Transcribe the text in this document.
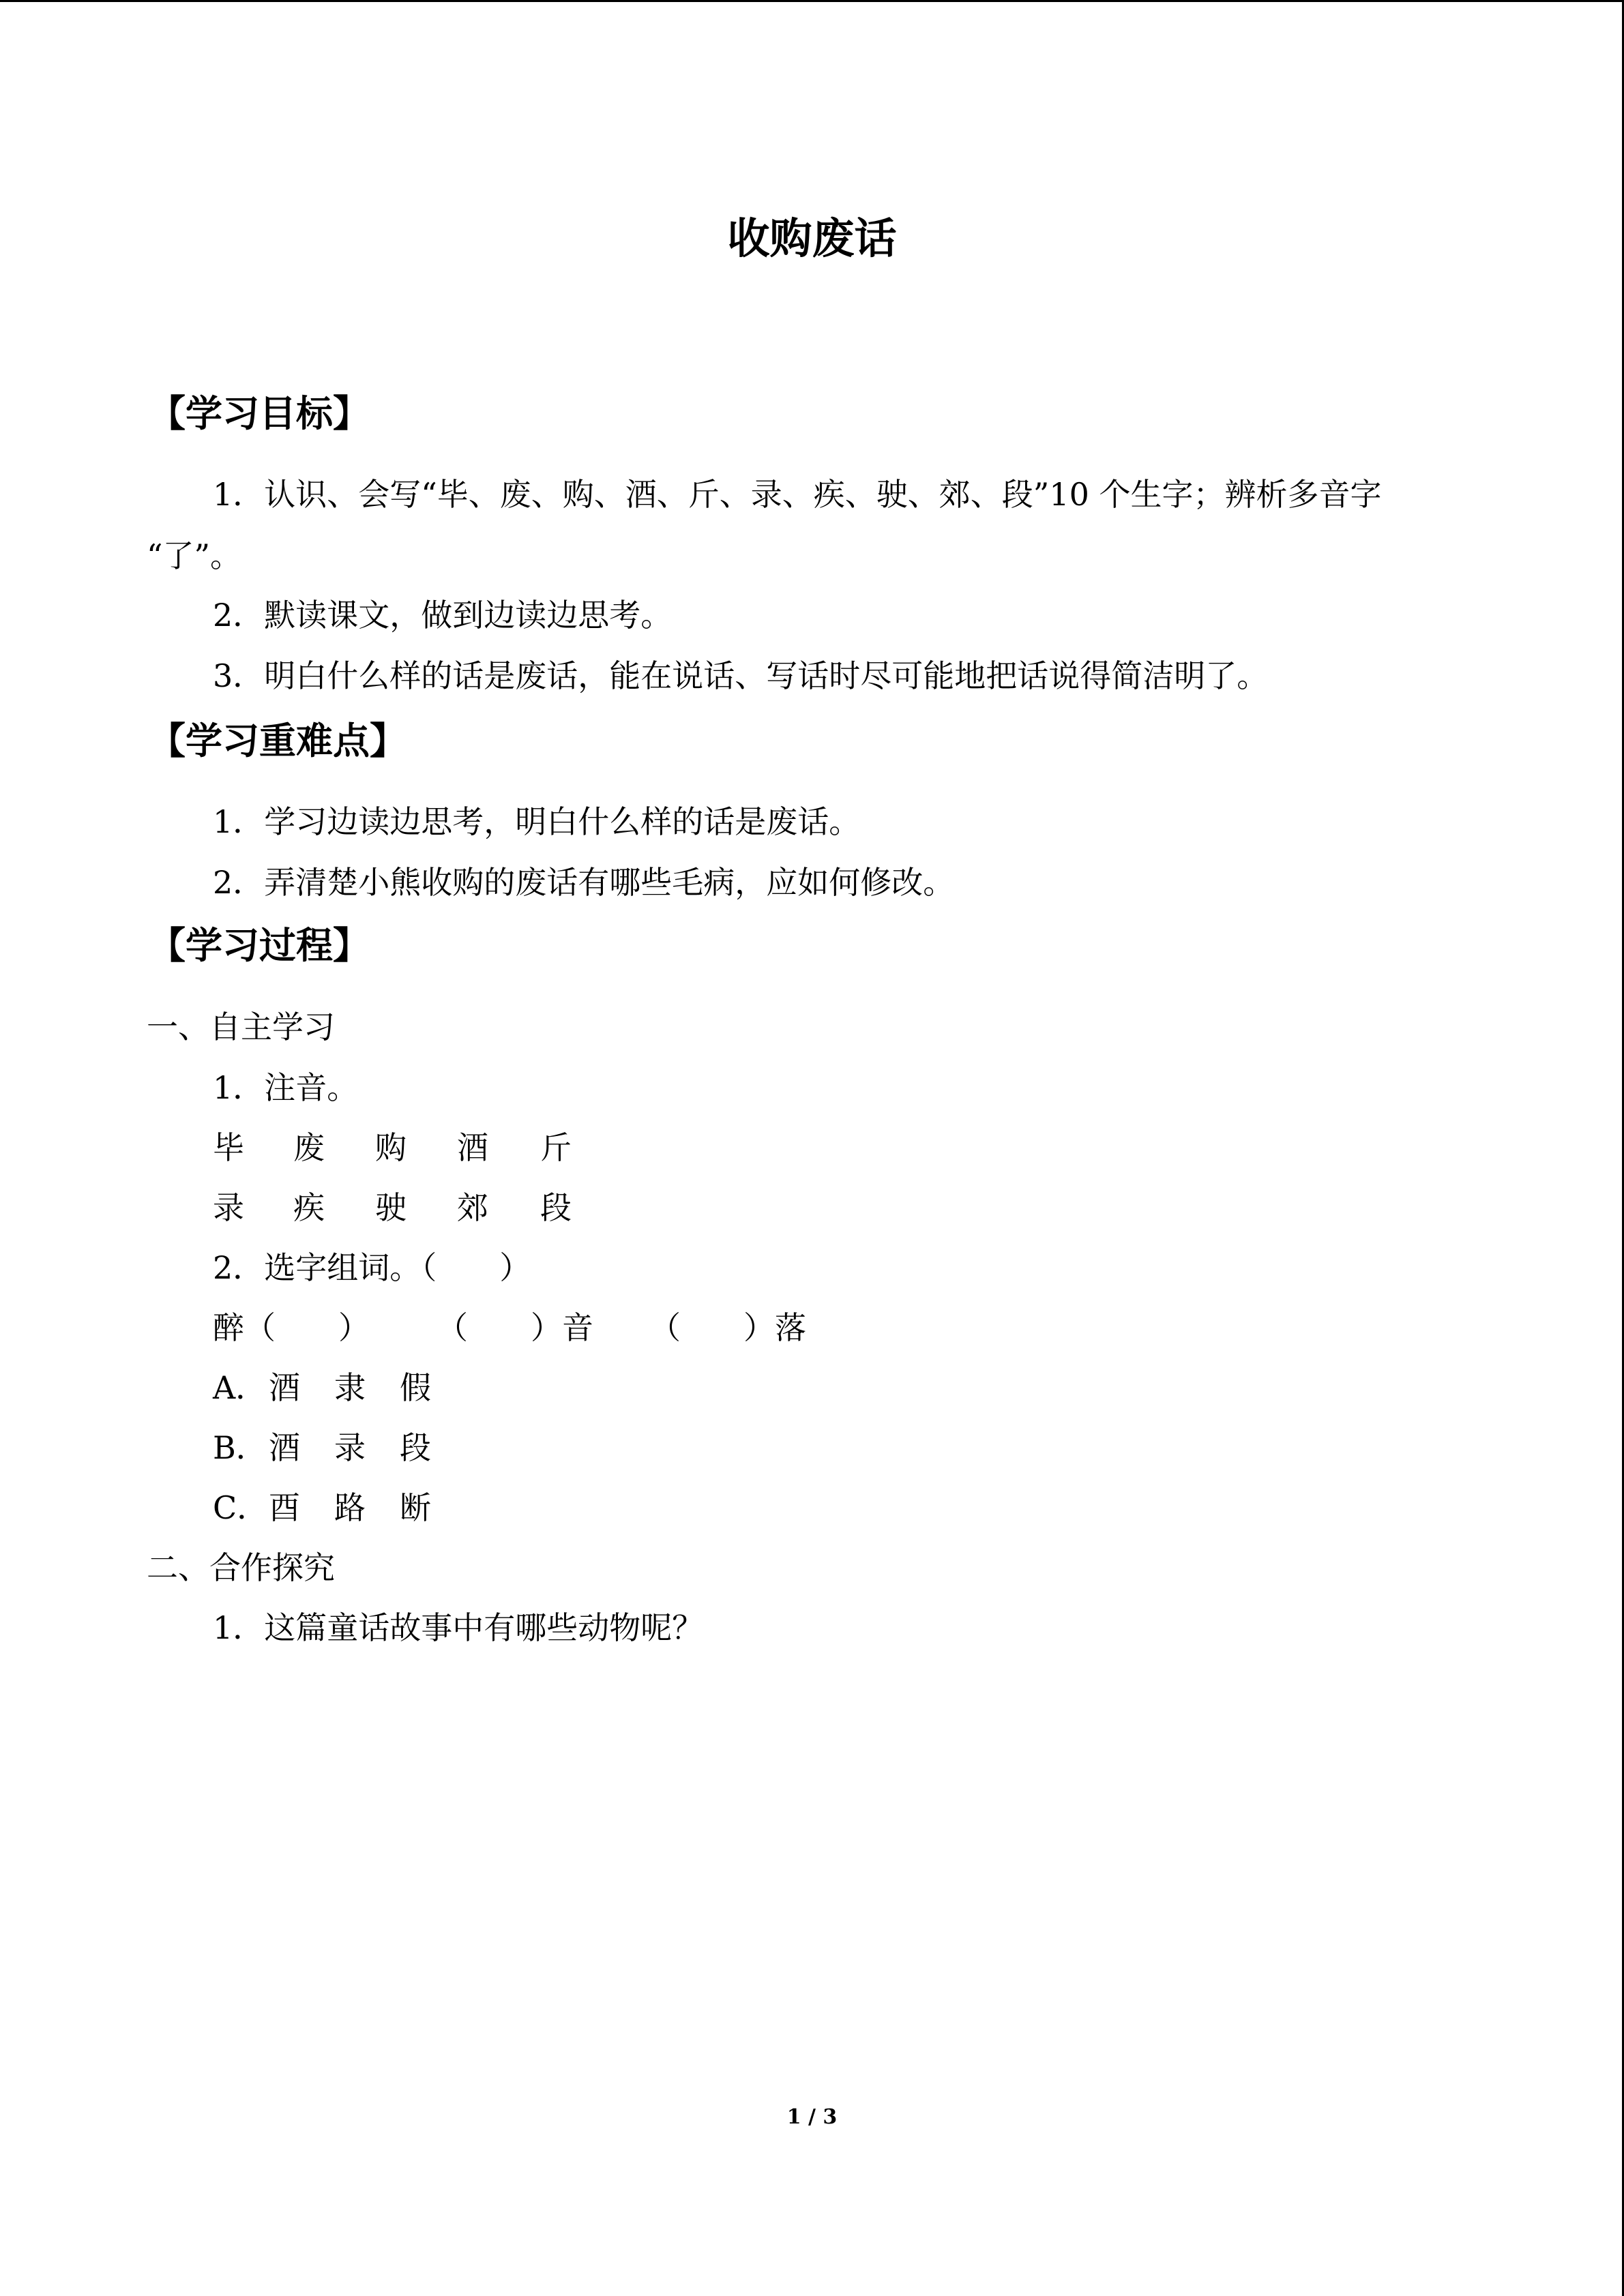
收购废话
【学习目标】
1．认识、会写“毕、废、购、酒、斤、录、疾、驶、郊、段”10 个生字；辨析多音字
“了”。
2．默读课文，做到边读边思考。
3．明白什么样的话是废话，能在说话、写话时尽可能地把话说得简洁明了。
【学习重难点】
1．学习边读边思考，明白什么样的话是废话。
2．弄清楚小熊收购的废话有哪些毛病，应如何修改。
【学习过程】
一、自主学习
1．注音。
毕 废 购 酒 斤
录 疾 驶 郊 段
2．选字组词。（　　）
醉（　　） （　　）音 （　　）落
A． 酒 隶 假
B． 酒 录 段
C． 酉 路 断
二、合作探究
1．这篇童话故事中有哪些动物呢？
1 / 3
